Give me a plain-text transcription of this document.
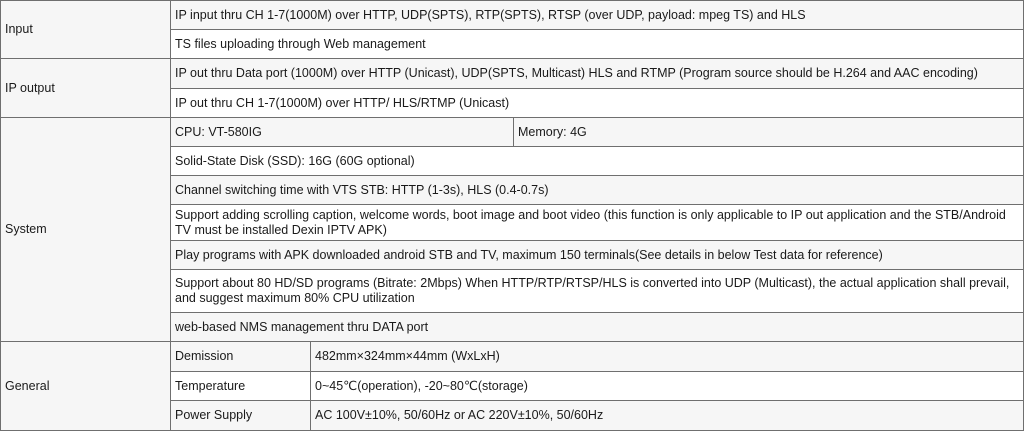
Input	IP input thru CH 1-7(1000M) over HTTP, UDP(SPTS), RTP(SPTS), RTSP (over UDP, payload: mpeg TS) and HLS		
	TS files uploading through Web management		
IP output	IP out thru Data port (1000M) over HTTP (Unicast), UDP(SPTS, Multicast) HLS and RTMP (Program source should be H.264 and AAC encoding)		
	IP out thru CH 1-7(1000M) over HTTP/ HLS/RTMP (Unicast)		
System	CPU: VT-580IG		Memory: 4G
	Solid-State Disk (SSD): 16G (60G optional)		
	Channel switching time with VTS STB: HTTP (1-3s), HLS (0.4-0.7s)		
	Support adding scrolling caption, welcome words, boot image and boot video (this function is only applicable to IP out application and the STB/Android TV must be installed Dexin IPTV APK)		
	Play programs with APK downloaded android STB and TV, maximum 150 terminals(See details in below Test data for reference)		
	Support about 80 HD/SD programs (Bitrate: 2Mbps) When HTTP/RTP/RTSP/HLS is converted into UDP (Multicast), the actual application shall prevail, and suggest maximum 80% CPU utilization		
	web-based NMS management thru DATA port		
General	Demission	482mm×324mm×44mm (WxLxH)	
	Temperature	0~45℃(operation), -20~80℃(storage)	
	Power Supply	AC 100V±10%, 50/60Hz or AC 220V±10%, 50/60Hz	
